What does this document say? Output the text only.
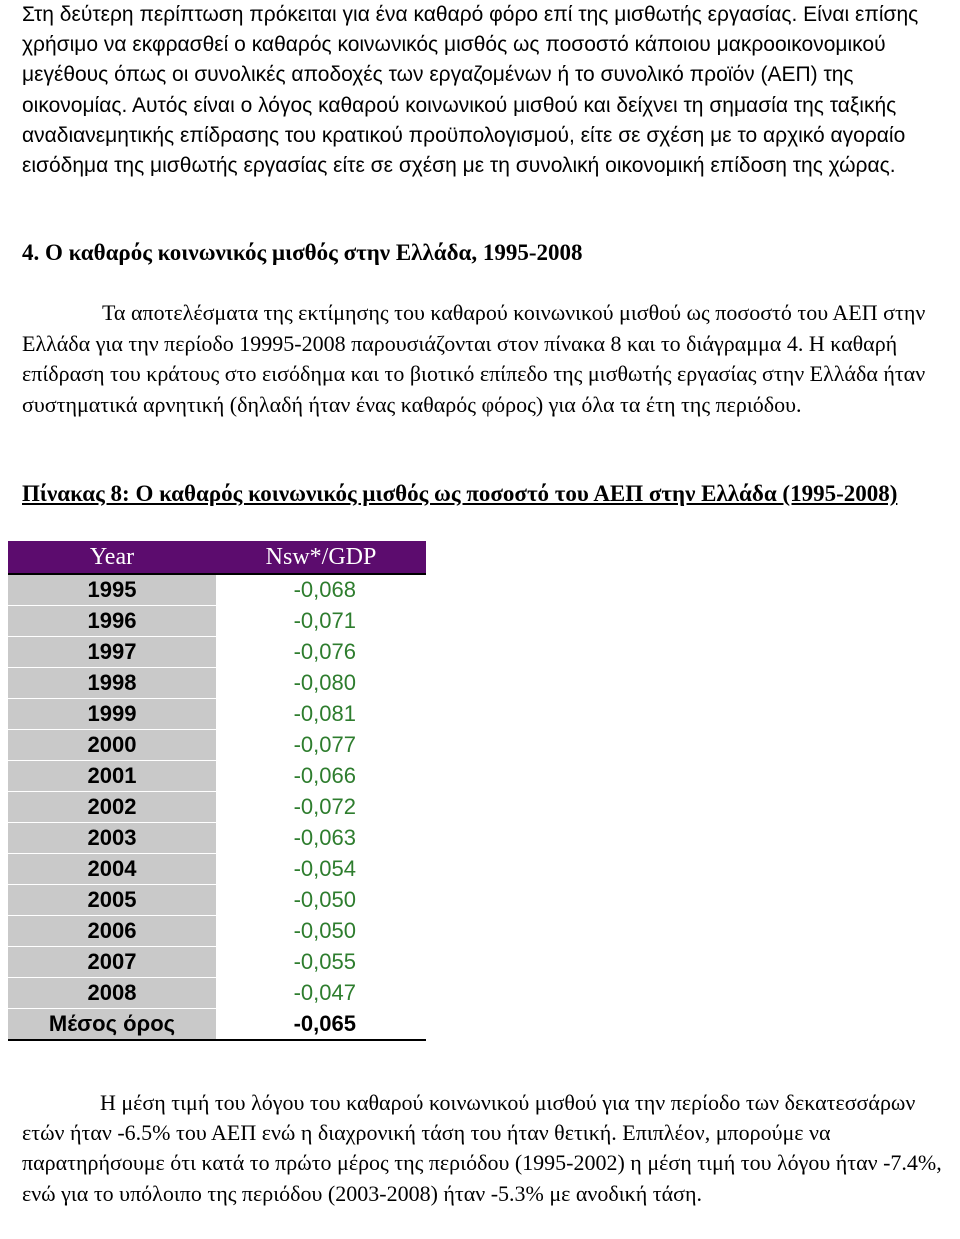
Στη δεύτερη περίπτωση πρόκειται για ένα καθαρό φόρο επί της μισθωτής εργασίας. Είναι επίσης χρήσιμο να εκφρασθεί ο καθαρός κοινωνικός μισθός ως ποσοστό κάποιου μακροοικονομικού μεγέθους όπως οι συνολικές αποδοχές των εργαζομένων ή το συνολικό προϊόν (ΑΕΠ) της οικονομίας. Αυτός είναι ο λόγος καθαρού κοινωνικού μισθού και δείχνει τη σημασία της ταξικής αναδιανεμητικής επίδρασης του κρατικού προϋπολογισμού, είτε σε σχέση με το αρχικό αγοραίο εισόδημα της μισθωτής εργασίας είτε σε σχέση με τη συνολική οικονομική επίδοση της χώρας.

4. Ο καθαρός κοινωνικός μισθός στην Ελλάδα, 1995-2008

Τα αποτελέσματα της εκτίμησης του καθαρού κοινωνικού μισθού ως ποσοστό του ΑΕΠ στην Ελλάδα για την περίοδο 19995-2008 παρουσιάζονται στον πίνακα 8 και το διάγραμμα 4. Η καθαρή επίδραση του κράτους στο εισόδημα και το βιοτικό επίπεδο της μισθωτής εργασίας στην Ελλάδα ήταν συστηματικά αρνητική (δηλαδή ήταν ένας καθαρός φόρος) για όλα τα έτη της περιόδου.

Πίνακας 8: Ο καθαρός κοινωνικός μισθός ως ποσοστό του ΑΕΠ στην Ελλάδα (1995-2008)

Year	Nsw*/GDP
1995	-0,068
1996	-0,071
1997	-0,076
1998	-0,080
1999	-0,081
2000	-0,077
2001	-0,066
2002	-0,072
2003	-0,063
2004	-0,054
2005	-0,050
2006	-0,050
2007	-0,055
2008	-0,047
Μέσος όρος	-0,065

Η μέση τιμή του λόγου του καθαρού κοινωνικού μισθού για την περίοδο των δεκατεσσάρων ετών ήταν -6.5% του ΑΕΠ ενώ η διαχρονική τάση του ήταν θετική. Επιπλέον, μπορούμε να παρατηρήσουμε ότι κατά το πρώτο μέρος της περιόδου (1995-2002) η μέση τιμή του λόγου ήταν -7.4%, ενώ για το υπόλοιπο της περιόδου (2003-2008) ήταν -5.3% με ανοδική τάση.
